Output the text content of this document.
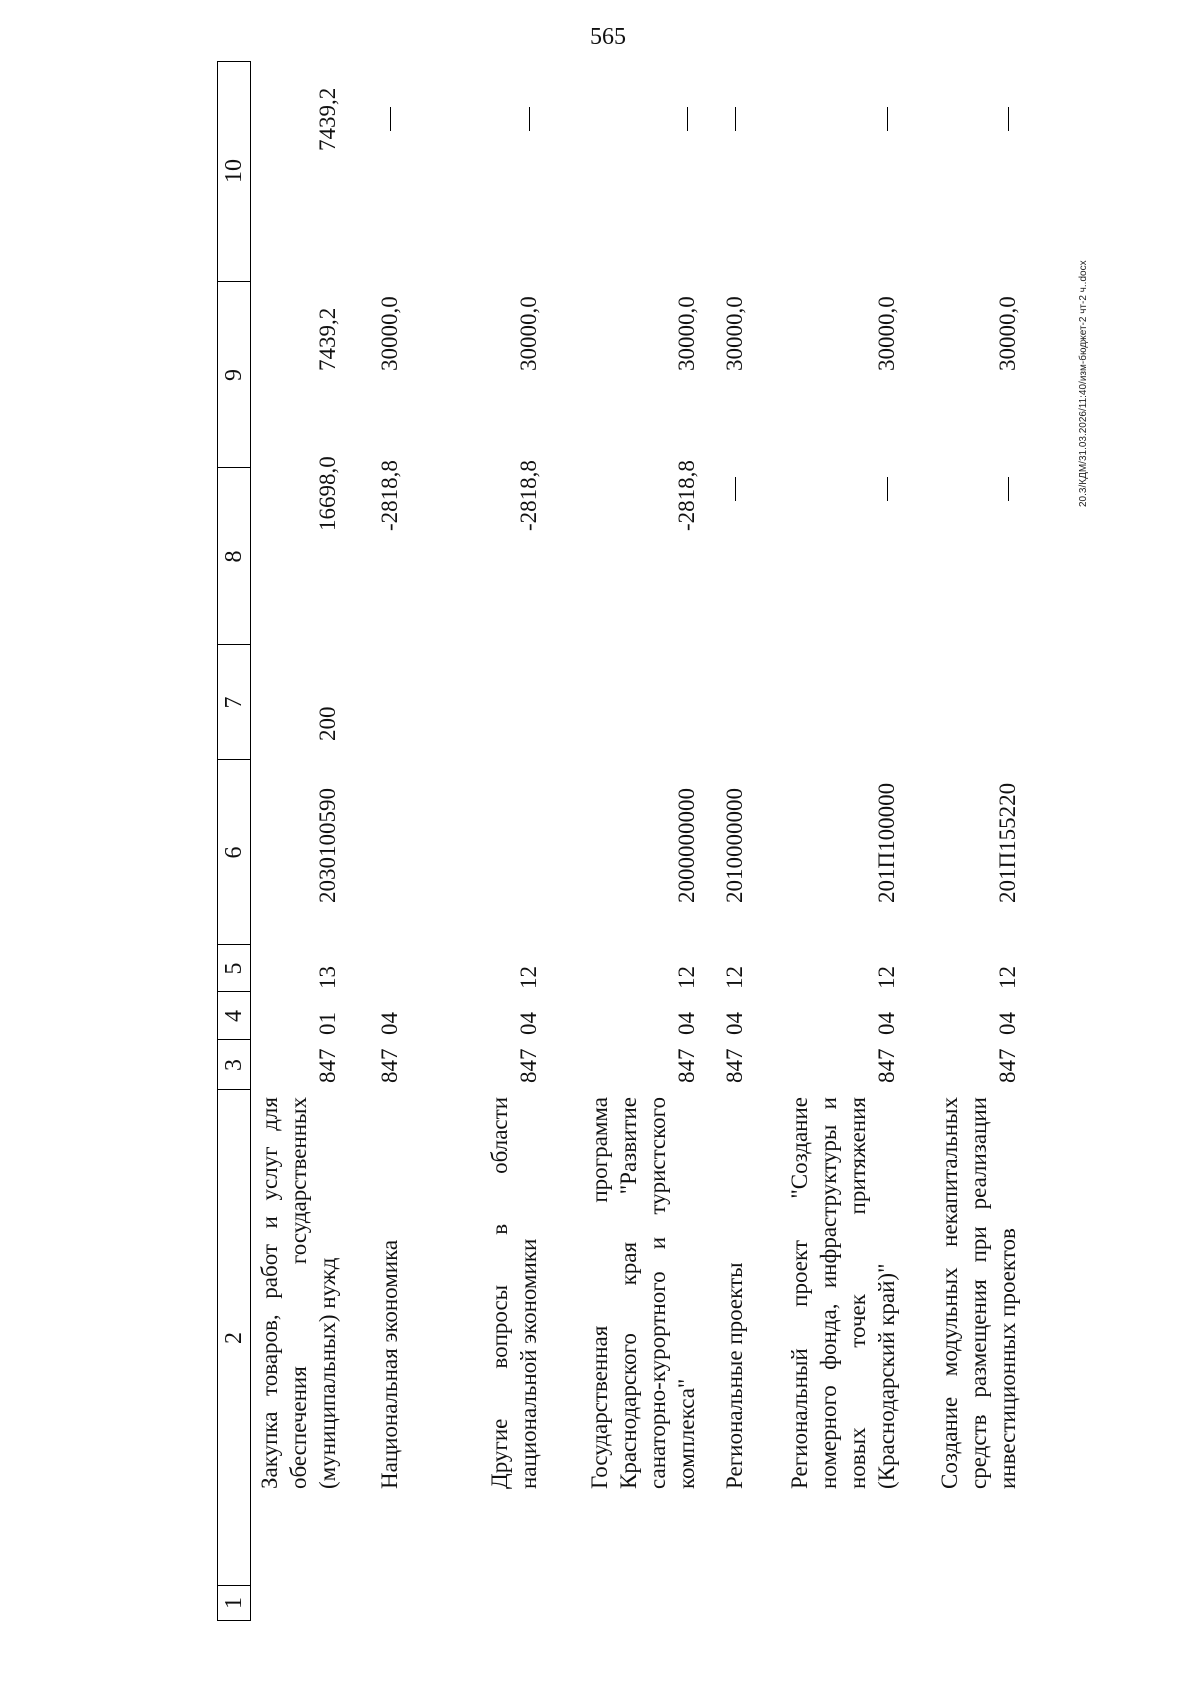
565
1
2
3
4
5
6
7
8
9
10
Закупка товаров, работ и услуг для обеспечения государственных (муниципальных) нужд
847
01
13
2030100590
200
16698,0
7439,2
7439,2
Национальная экономика
847
04
-2818,8
30000,0
Другие вопросы в области национальной экономики
847
04
12
-2818,8
30000,0
Государственная программа Краснодарского края "Развитие санаторно-курортного и туристского комплекса"
847
04
12
2000000000
-2818,8
30000,0
Региональные проекты
847
04
12
2010000000
30000,0
Региональный проект "Создание номерного фонда, инфраструктуры и новых точек притяжения (Краснодарский край)"
847
04
12
201П100000
30000,0
Создание модульных некапитальных средств размещения при реализации инвестиционных проектов
847
04
12
201П155220
30000,0	20.3/КДМ/31.03.2026/11:40/изм-бюджет-2 чт-2 ч..docx
